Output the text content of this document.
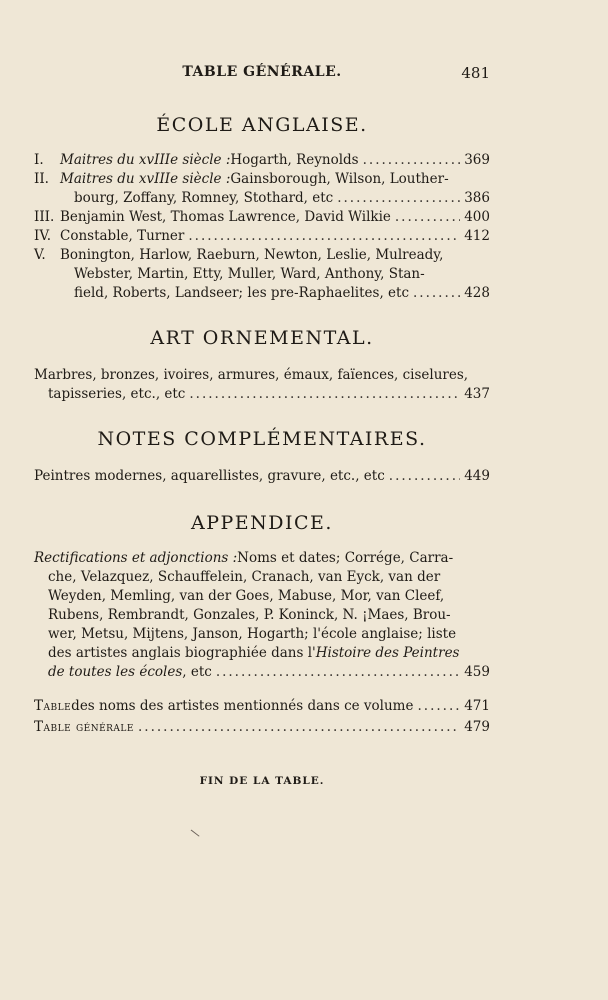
TABLE GÉNÉRALE.	481
ÉCOLE ANGLAISE.
I.	Maitres du xvIIIe siècle : Hogarth, Reynolds .....	369
II. Maitres du xvIIIe siècle : Gainsborough, Wilson, Louther-
bourg, Zoffany, Romney, Stothard, etc .....	386
III. Benjamin West, Thomas Lawrence, David Wilkie .....	400
IV. Constable, Turner .....	412
V.	Bonington, Harlow, Raeburn, Newton, Leslie, Mulready,
Webster, Martin, Etty, Muller, Ward, Anthony, Stan-
field, Roberts, Landseer; les pre-Raphaelites, etc .....	428
ART ORNEMENTAL.
Marbres, bronzes, ivoires, armures, émaux, faïences, ciselures,
tapisseries, etc., etc .....	437
NOTES COMPLÉMENTAIRES.
Peintres modernes, aquarellistes, gravure, etc., etc .....	449
APPENDICE.
Rectifications et adjonctions : Noms et dates; Corrége, Carra-
che, Velazquez, Schauffelein, Cranach, van Eyck, van der
Weyden, Memling, van der Goes, Mabuse, Mor, van Cleef,
Rubens, Rembrandt, Gonzales, P. Koninck, N. ¡Maes, Brou-
wer, Metsu, Mijtens, Janson, Hogarth; l'école anglaise; liste
des artistes anglais biographiée dans l' Histoire des Peintres
de toutes les écoles , etc .....	459
Table des noms des artistes mentionnés dans ce volume .....	471
Table générale .....	479
FIN DE LA TABLE.
\
